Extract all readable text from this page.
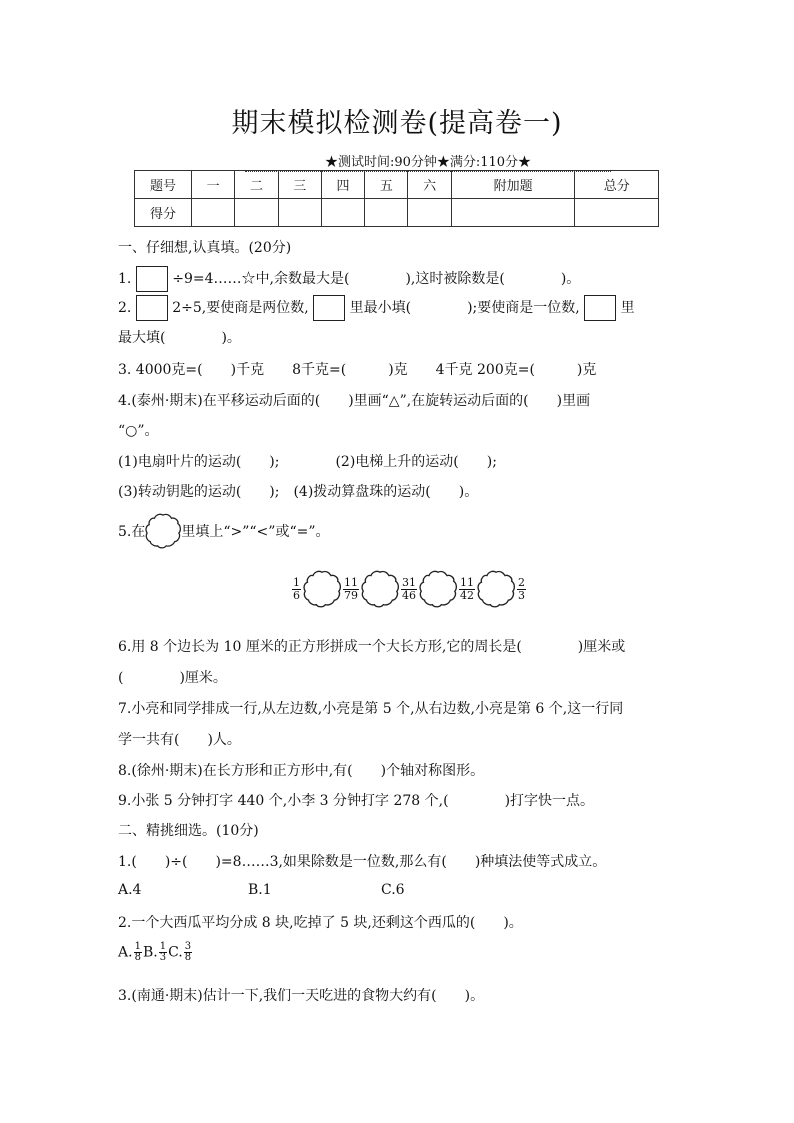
期末模拟检测卷(提高卷一)
★测试时间:90分钟★满分:110分★
题号	一	二	三	四	五	六	附加题	总分
得分								
一、仔细想,认真填。(20分)
1.	÷9=4……☆中,余数最大是(　　　　),这时被除数是(　　　　)。
2.	2÷5,要使商是两位数,	里最小填(　　　　);要使商是一位数,	里
最大填(　　　　)。
3. 4000克=(　　)千克　　8千克=(　　　)克　　4千克 200克=(　　　)克
4.(泰州·期末)在平移运动后面的(　　)里画“△”,在旋转运动后面的(　　)里画
“○”。
(1)电扇叶片的运动(　　);　　　　(2)电梯上升的运动(　　);
(3)转动钥匙的运动(　　);　(4)拨动算盘珠的运动(　　)。
5.在	里填上“>”“<”或“=”。
$\frac{1}{6}$	$\frac{11}{79}$	$\frac{31}{46}$	$\frac{11}{42}$	$\frac{2}{3}$
6.用 8 个边长为 10 厘米的正方形拼成一个大长方形,它的周长是(　　　　)厘米或
(　　　　)厘米。
7.小亮和同学排成一行,从左边数,小亮是第 5 个,从右边数,小亮是第 6 个,这一行同
学一共有(　　)人。
8.(徐州·期末)在长方形和正方形中,有(　　)个轴对称图形。
9.小张 5 分钟打字 440 个,小李 3 分钟打字 278 个,(　　　　)打字快一点。
二、精挑细选。(10分)
1.(　　)÷(　　)=8……3,如果除数是一位数,那么有(　　)种填法使等式成立。
A.4	B.1	C.6
2.一个大西瓜平均分成 8 块,吃掉了 5 块,还剩这个西瓜的(　　)。
A. $\frac{1}{8} B$. $\frac{1}{3} C$. $\frac{3}{8}$
3.(南通·期末)估计一下,我们一天吃进的食物大约有(　　)。
